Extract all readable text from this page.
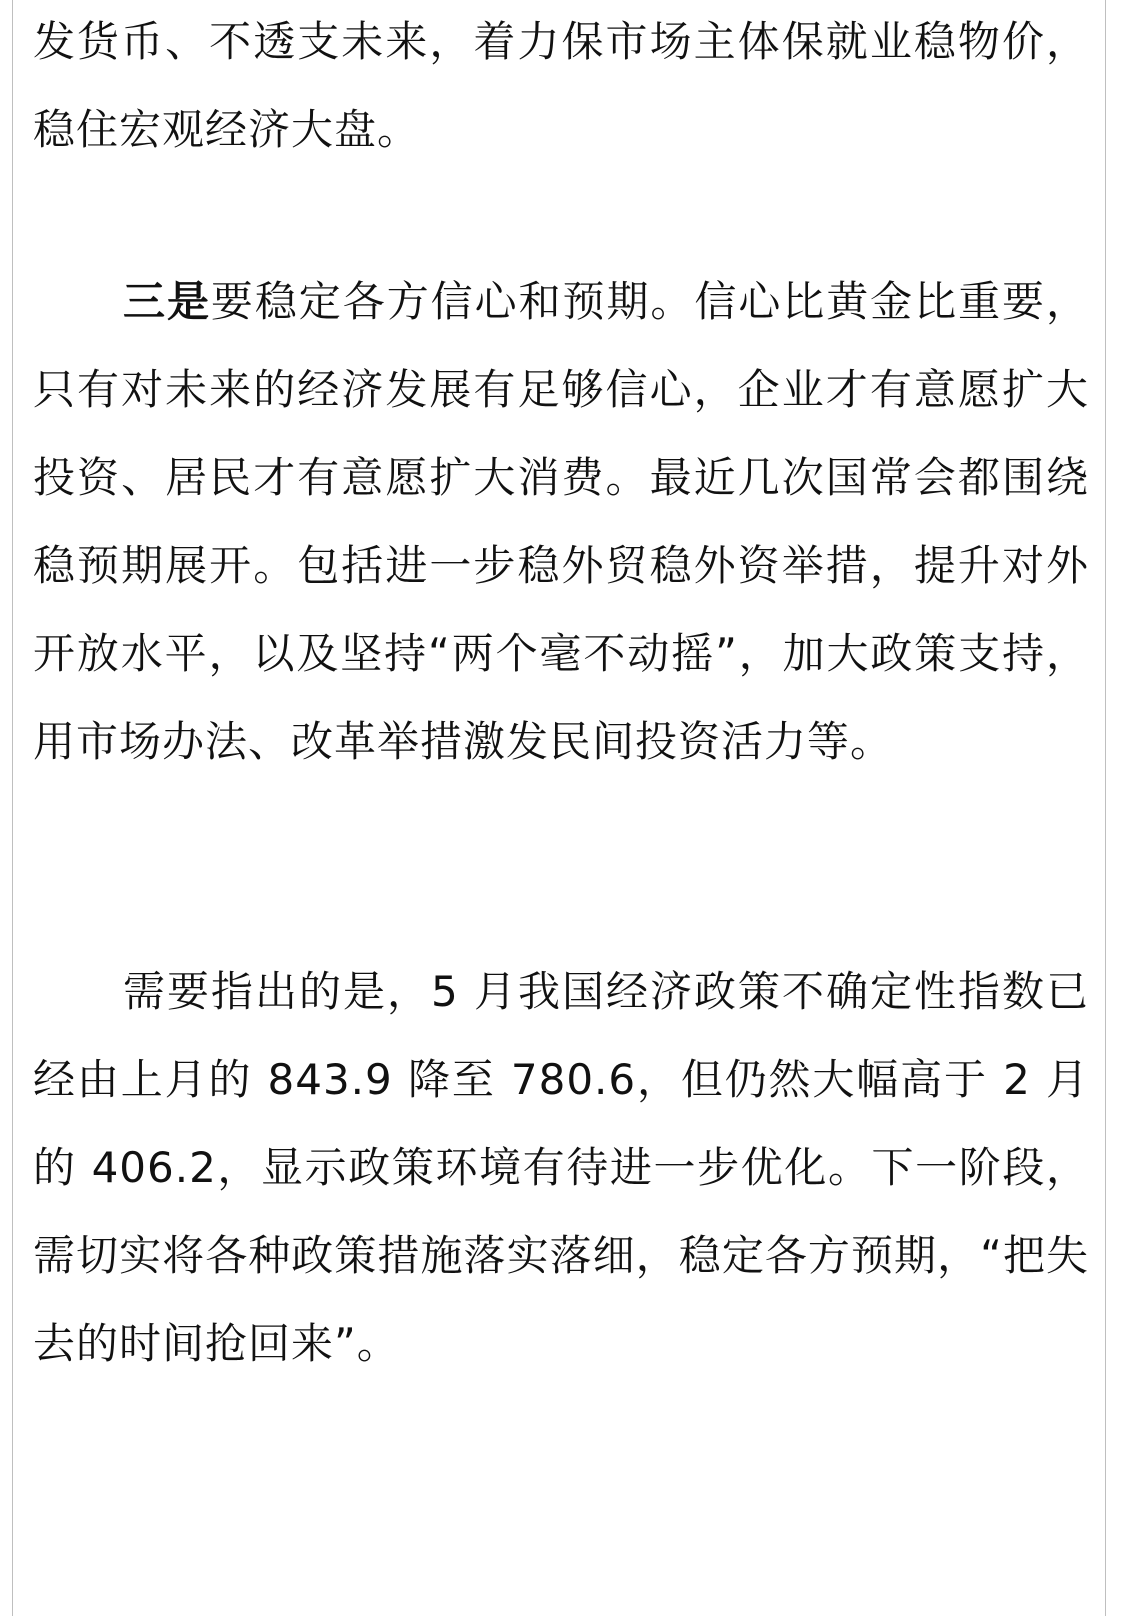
发货币、不透支未来，着力保市场主体保就业稳物价，稳住宏观经济大盘。

三是要稳定各方信心和预期。信心比黄金比重要，只有对未来的经济发展有足够信心，企业才有意愿扩大投资、居民才有意愿扩大消费。最近几次国常会都围绕稳预期展开。包括进一步稳外贸稳外资举措，提升对外开放水平，以及坚持“两个毫不动摇”，加大政策支持，用市场办法、改革举措激发民间投资活力等。

需要指出的是，5 月我国经济政策不确定性指数已经由上月的 843.9 降至 780.6，但仍然大幅高于 2 月的 406.2，显示政策环境有待进一步优化。下一阶段，需切实将各种政策措施落实落细，稳定各方预期，“把失去的时间抢回来”。
